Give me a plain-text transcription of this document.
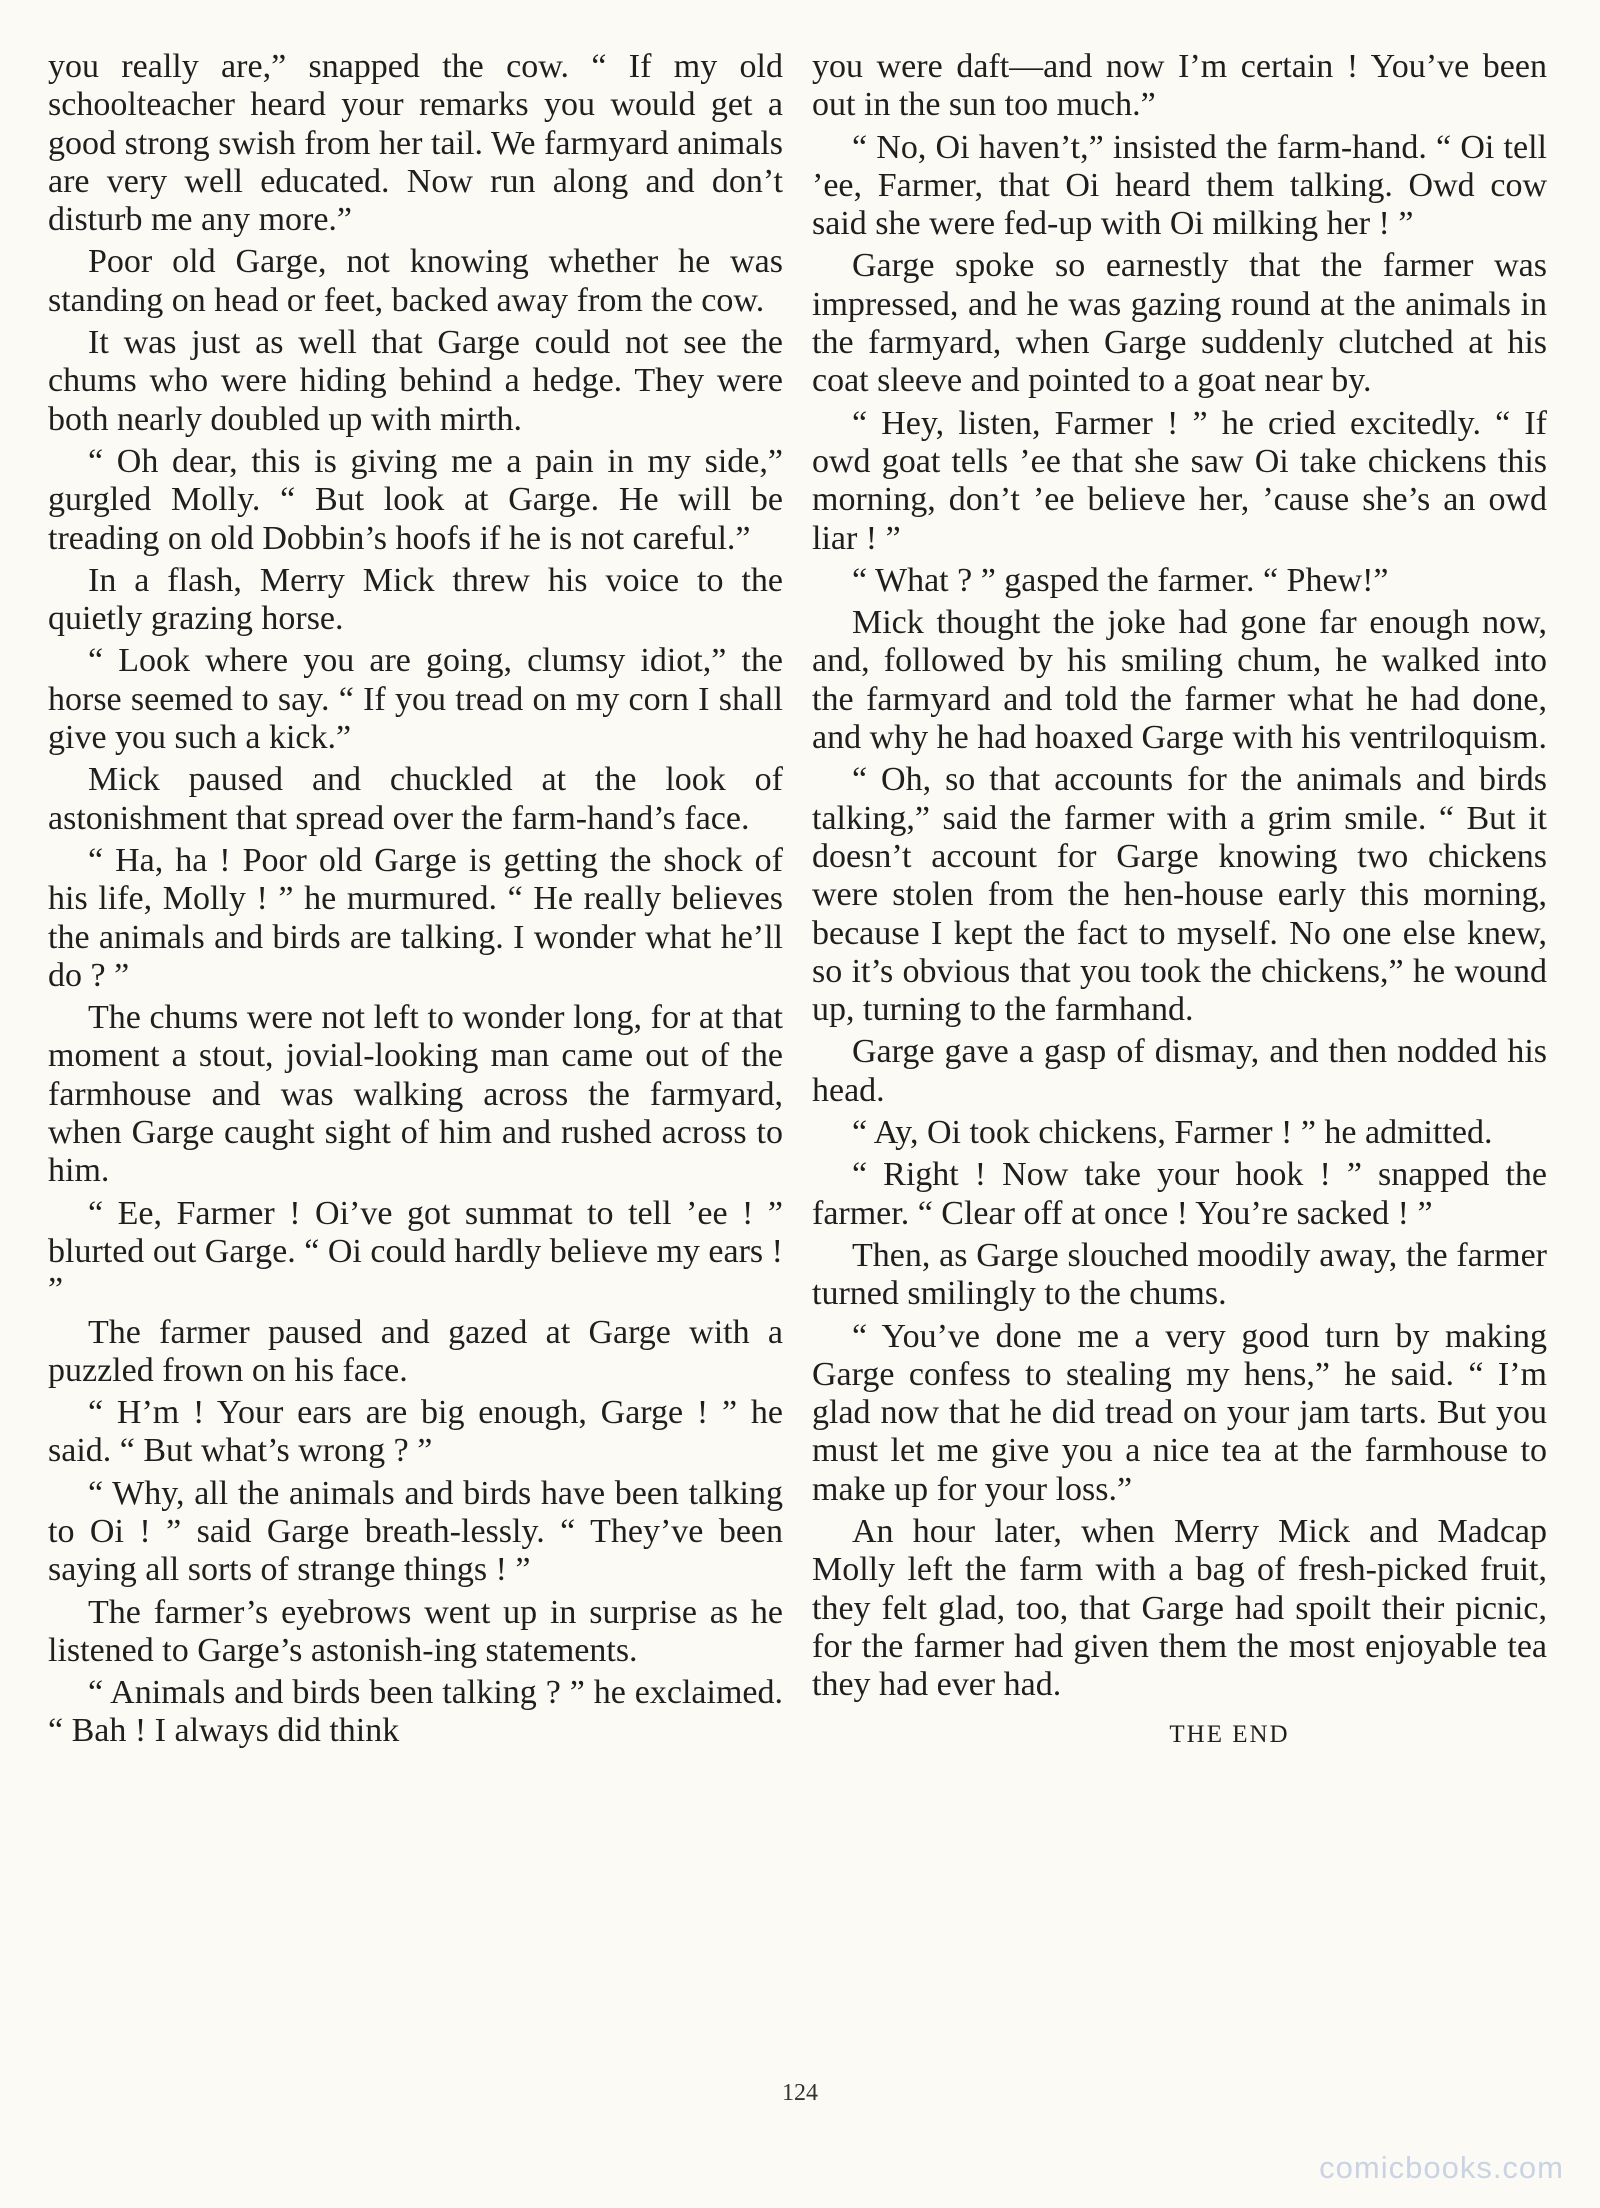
you really are,” snapped the cow. “ If my old schoolteacher heard your remarks you would get a good strong swish from her tail. We farmyard animals are very well educated. Now run along and don’t disturb me any more.”

Poor old Garge, not knowing whether he was standing on head or feet, backed away from the cow.

It was just as well that Garge could not see the chums who were hiding behind a hedge. They were both nearly doubled up with mirth.

“ Oh dear, this is giving me a pain in my side,” gurgled Molly. “ But look at Garge. He will be treading on old Dobbin’s hoofs if he is not careful.”

In a flash, Merry Mick threw his voice to the quietly grazing horse.

“ Look where you are going, clumsy idiot,” the horse seemed to say. “ If you tread on my corn I shall give you such a kick.”

Mick paused and chuckled at the look of astonishment that spread over the farm-hand’s face.

“ Ha, ha ! Poor old Garge is getting the shock of his life, Molly ! ” he murmured. “ He really believes the animals and birds are talking. I wonder what he’ll do ? ”

The chums were not left to wonder long, for at that moment a stout, jovial-looking man came out of the farmhouse and was walking across the farmyard, when Garge caught sight of him and rushed across to him.

“ Ee, Farmer ! Oi’ve got summat to tell ’ee ! ” blurted out Garge. “ Oi could hardly believe my ears ! ”

The farmer paused and gazed at Garge with a puzzled frown on his face.

“ H’m ! Your ears are big enough, Garge ! ” he said. “ But what’s wrong ? ”

“ Why, all the animals and birds have been talking to Oi ! ” said Garge breath-lessly. “ They’ve been saying all sorts of strange things ! ”

The farmer’s eyebrows went up in surprise as he listened to Garge’s astonish-ing statements.

“ Animals and birds been talking ? ” he exclaimed. “ Bah ! I always did think

you were daft—and now I’m certain ! You’ve been out in the sun too much.”

“ No, Oi haven’t,” insisted the farm-hand. “ Oi tell ’ee, Farmer, that Oi heard them talking. Owd cow said she were fed-up with Oi milking her ! ”

Garge spoke so earnestly that the farmer was impressed, and he was gazing round at the animals in the farmyard, when Garge suddenly clutched at his coat sleeve and pointed to a goat near by.

“ Hey, listen, Farmer ! ” he cried excitedly. “ If owd goat tells ’ee that she saw Oi take chickens this morning, don’t ’ee believe her, ’cause she’s an owd liar ! ”

“ What ? ” gasped the farmer. “ Phew!”

Mick thought the joke had gone far enough now, and, followed by his smiling chum, he walked into the farmyard and told the farmer what he had done, and why he had hoaxed Garge with his ventriloquism.

“ Oh, so that accounts for the animals and birds talking,” said the farmer with a grim smile. “ But it doesn’t account for Garge knowing two chickens were stolen from the hen-house early this morning, because I kept the fact to myself. No one else knew, so it’s obvious that you took the chickens,” he wound up, turning to the farmhand.

Garge gave a gasp of dismay, and then nodded his head.

“ Ay, Oi took chickens, Farmer ! ” he admitted.

“ Right ! Now take your hook ! ” snapped the farmer. “ Clear off at once ! You’re sacked ! ”

Then, as Garge slouched moodily away, the farmer turned smilingly to the chums.

“ You’ve done me a very good turn by making Garge confess to stealing my hens,” he said. “ I’m glad now that he did tread on your jam tarts. But you must let me give you a nice tea at the farmhouse to make up for your loss.”

An hour later, when Merry Mick and Madcap Molly left the farm with a bag of fresh-picked fruit, they felt glad, too, that Garge had spoilt their picnic, for the farmer had given them the most enjoyable tea they had ever had.

THE END
124
comicbooks.com
